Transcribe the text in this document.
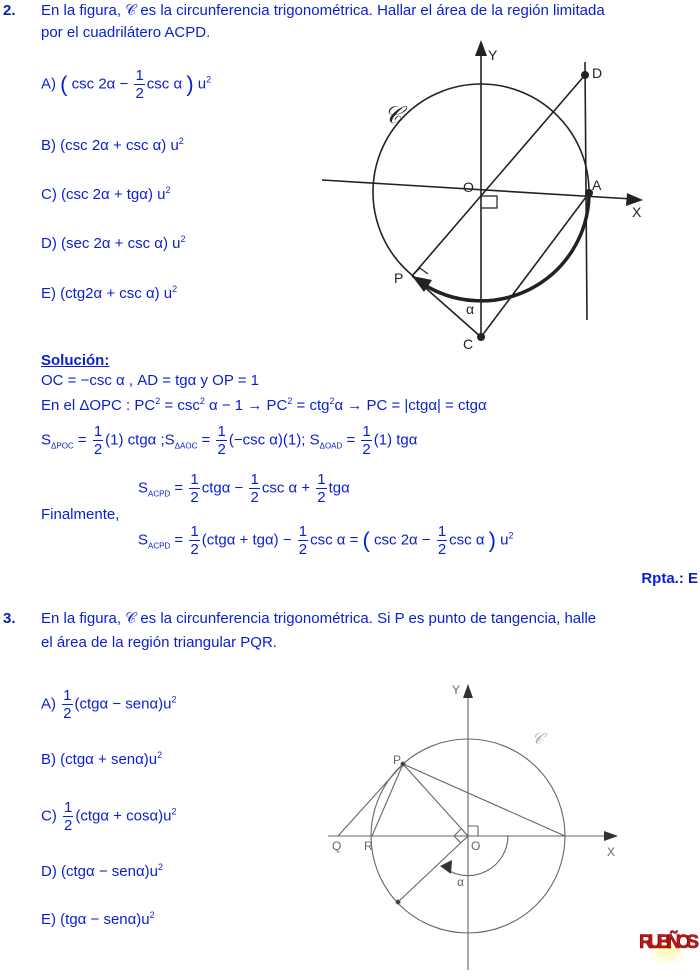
2. En la figura, 𝒞 es la circunferencia trigonométrica. Hallar el área de la región limitada
por el cuadrilátero ACPD.
A) ( $\csc 2\alpha - \frac{1}{2}$ csc α ) $u^2$
B) (csc 2α + csc α) $u^2$
C) (csc 2α + tgα) $u^2$
D) (sec 2α + csc α) $u^2$
E) (ctg2α + csc α) $u^2$
Y
X
O	A
D
P
C
α
𝒞
Solución:
OC = −csc α , AD = tgα y OP = 1
En el ΔOPC : $PC^2 = \csc^2 \alpha - 1 \to PC^2 = ctg^2\alpha$ → PC = |ctgα| = ctgα
$S_{\Delta POC} = \frac{1}{2} (1)$ ctgα $;S_{\Delta AOC} = \frac{1}{2} (-\csc$ α)(1); $S_{\Delta OAD} = \frac{1}{2} (1)$ tgα
$S_{ACPD} = \frac{1}{2}$ $ctg\alpha - \frac{1}{2}$ $\csc \alpha + \frac{1}{2}$ tgα
Finalmente,
$S_{ACPD} = \frac{1}{2} (ctg\alpha + tg\alpha) - \frac{1}{2}$ csc α = ( $\csc 2\alpha - \frac{1}{2}$ csc α ) $u^2$
Rpta.: E
3. En la figura, 𝒞 es la circunferencia trigonométrica. Si P es punto de tangencia, halle
el área de la región triangular PQR.
$A) \frac{1}{2} (ctg\alpha - sen\alpha)u^2$
B) $(ctg\alpha + sen\alpha)u^2$
$C) \frac{1}{2} (ctg\alpha + \cos\alpha)u^2$
D) $(ctg\alpha - sen\alpha)u^2$
E) $(tg\alpha - sen\alpha)u^2$
Y
X
O
P
Q R
α
𝒞
RUBIÑOS
